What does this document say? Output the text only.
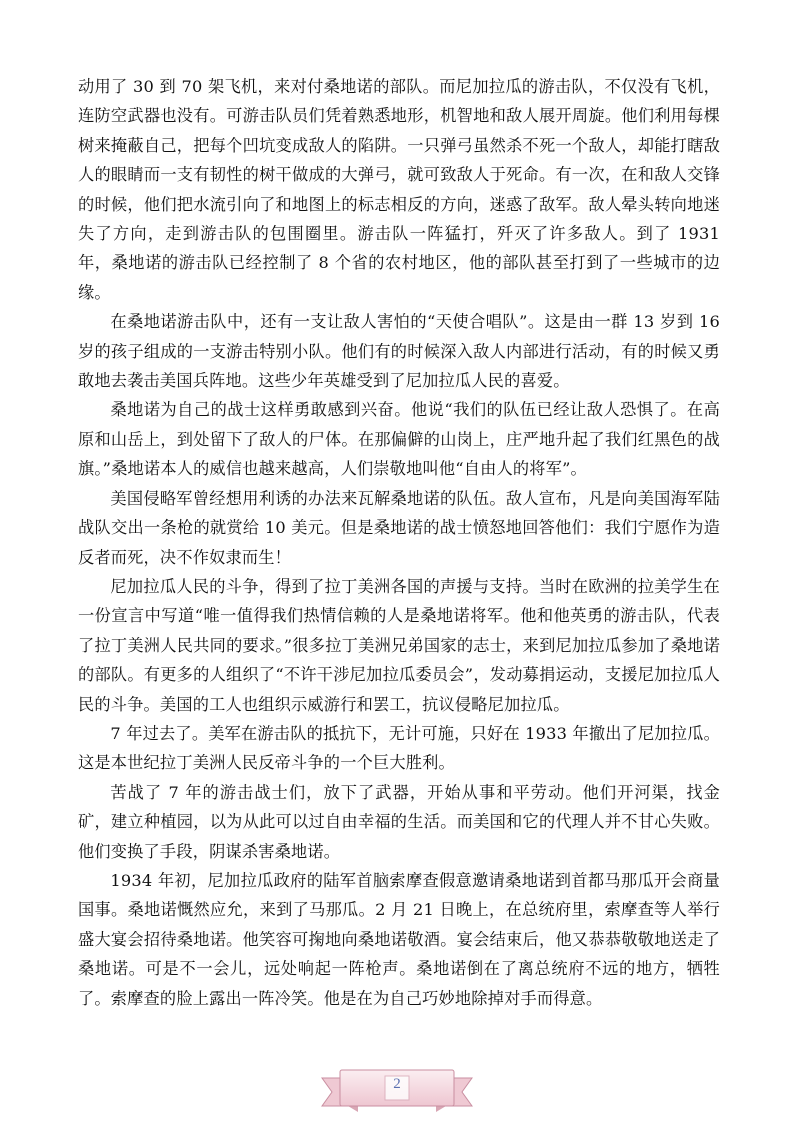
动用了 30 到 70 架飞机，来对付桑地诺的部队。而尼加拉瓜的游击队，不仅没有飞机，连防空武器也没有。可游击队员们凭着熟悉地形，机智地和敌人展开周旋。他们利用每棵树来掩蔽自己，把每个凹坑变成敌人的陷阱。一只弹弓虽然杀不死一个敌人，却能打瞎敌人的眼睛而一支有韧性的树干做成的大弹弓，就可致敌人于死命。有一次，在和敌人交锋的时候，他们把水流引向了和地图上的标志相反的方向，迷惑了敌军。敌人晕头转向地迷失了方向，走到游击队的包围圈里。游击队一阵猛打，歼灭了许多敌人。到了 1931 年，桑地诺的游击队已经控制了 8 个省的农村地区，他的部队甚至打到了一些城市的边缘。

在桑地诺游击队中，还有一支让敌人害怕的“天使合唱队”。这是由一群 13 岁到 16 岁的孩子组成的一支游击特别小队。他们有的时候深入敌人内部进行活动，有的时候又勇敢地去袭击美国兵阵地。这些少年英雄受到了尼加拉瓜人民的喜爱。

桑地诺为自己的战士这样勇敢感到兴奋。他说“我们的队伍已经让敌人恐惧了。在高原和山岳上，到处留下了敌人的尸体。在那偏僻的山岗上，庄严地升起了我们红黑色的战旗。”桑地诺本人的威信也越来越高，人们崇敬地叫他“自由人的将军”。

美国侵略军曾经想用利诱的办法来瓦解桑地诺的队伍。敌人宣布，凡是向美国海军陆战队交出一条枪的就赏给 10 美元。但是桑地诺的战士愤怒地回答他们：我们宁愿作为造反者而死，决不作奴隶而生！

尼加拉瓜人民的斗争，得到了拉丁美洲各国的声援与支持。当时在欧洲的拉美学生在一份宣言中写道“唯一值得我们热情信赖的人是桑地诺将军。他和他英勇的游击队，代表了拉丁美洲人民共同的要求。”很多拉丁美洲兄弟国家的志士，来到尼加拉瓜参加了桑地诺的部队。有更多的人组织了“不许干涉尼加拉瓜委员会”，发动募捐运动，支援尼加拉瓜人民的斗争。美国的工人也组织示威游行和罢工，抗议侵略尼加拉瓜。

7 年过去了。美军在游击队的抵抗下，无计可施，只好在 1933 年撤出了尼加拉瓜。这是本世纪拉丁美洲人民反帝斗争的一个巨大胜利。

苦战了 7 年的游击战士们，放下了武器，开始从事和平劳动。他们开河渠，找金矿，建立种植园，以为从此可以过自由幸福的生活。而美国和它的代理人并不甘心失败。他们变换了手段，阴谋杀害桑地诺。

1934 年初，尼加拉瓜政府的陆军首脑索摩查假意邀请桑地诺到首都马那瓜开会商量国事。桑地诺慨然应允，来到了马那瓜。2 月 21 日晚上，在总统府里，索摩查等人举行盛大宴会招待桑地诺。他笑容可掬地向桑地诺敬酒。宴会结束后，他又恭恭敬敬地送走了桑地诺。可是不一会儿，远处响起一阵枪声。桑地诺倒在了离总统府不远的地方，牺牲了。索摩查的脸上露出一阵冷笑。他是在为自己巧妙地除掉对手而得意。

2
